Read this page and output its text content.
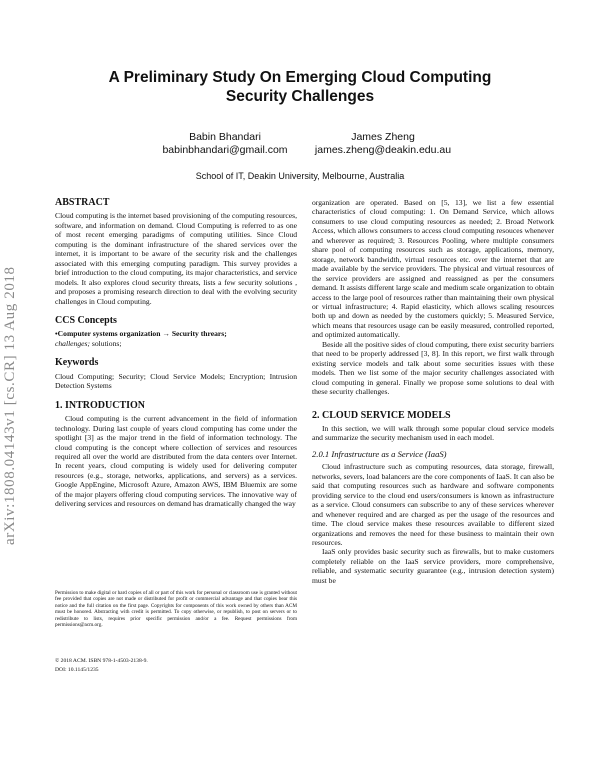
arXiv:1808.04143v1 [cs.CR] 13 Aug 2018
A Preliminary Study On Emerging Cloud Computing
Security Challenges
Babin Bhandari
babinbhandari@gmail.com
James Zheng
james.zheng@deakin.edu.au
School of IT, Deakin University, Melbourne, Australia
ABSTRACT

Cloud computing is the internet based provisioning of the computing resources, software, and information on demand. Cloud Computing is referred to as one of most recent emerging paradigms of computing utilities. Since Cloud computing is the dominant infrastructure of the shared services over the internet, it is important to be aware of the security risk and the challenges associated with this emerging computing paradigm. This survey provides a brief introduction to the cloud computing, its major characteristics, and service models. It also explores cloud security threats, lists a few security solutions , and proposes a promising research direction to deal with the evolving security challenges in Cloud computing.

CCS Concepts

•Computer systems organization → Security threars;
challenges; solutions;

Keywords

Cloud Computing; Security; Cloud Service Models; Encryption; Intrusion Detection Systems

1. INTRODUCTION

Cloud computing is the current advancement in the field of information technology. During last couple of years cloud computing has come under the spotlight [3] as the major trend in the field of information technology. The cloud computing is the concept where collection of services and resources required all over the world are distributed from the data centers over Internet. In recent years, cloud computing is widely used for delivering computer resources (e.g., storage, networks, applications, and servers) as a services. Google AppEngine, Microsoft Azure, Amazon AWS, IBM Bluemix are some of the major players offering cloud computing services. The innovative way of delivering services and resources on demand has dramatically changed the way

Permission to make digital or hard copies of all or part of this work for personal or classroom use is granted without fee provided that copies are not made or distributed for profit or commercial advantage and that copies bear this notice and the full citation on the first page. Copyrights for components of this work owned by others than ACM must be honored. Abstracting with credit is permitted. To copy otherwise, or republish, to post on servers or to redistribute to lists, requires prior specific permission and/or a fee. Request permissions from permissions@acm.org.
© 2018 ACM. ISBN 978-1-4503-2138-9.
DOI: 10.1145/1235

organization are operated. Based on [5, 13], we list a few essential characteristics of cloud computing: 1. On Demand Service, which allows consumers to use cloud computing resources as needed; 2. Broad Network Access, which allows consumers to access cloud computing resouces whenever and wherever as required; 3. Resources Pooling, where multiple consumers share pool of computing resources such as storage, applications, memory, storage, network bandwidth, virtual resources etc. over the internet that are made available by the service providers. The physical and virtual resources of the service providers are assigned and reassigned as per the consumers demand. It assists different large scale and medium scale organization to obtain access to the large pool of resources rather than maintaining their own physical or virtual infrastructure; 4. Rapid elasticity, which allows scaling resources both up and down as needed by the customers quickly; 5. Measured Service, which means that resources usage can be easily measured, controlled reported, and optimized automatically.

Beside all the positive sides of cloud computing, there exist security barriers that need to be properly addressed [3, 8]. In this report, we first walk through existing service models and talk about some securities issues with these models. Then we list some of the major security challenges associated with cloud computing in general. Finally we propose some solutions to deal with these security challenges.

2. CLOUD SERVICE MODELS

In this section, we will walk through some popular cloud service models and summarize the security mechanism used in each model.

2.0.1 Infrastructure as a Service (IaaS)

Cloud infrastructure such as computing resources, data storage, firewall, networks, severs, load balancers are the core components of IaaS. It can also be said that computing resources such as hardware and software components providing service to the cloud end users/consumers is known as infrastructure as a service. Cloud consumers can subscribe to any of these services wherever and whenever required and are charged as per the usage of the resources and time. The cloud service makes these resources available to different sized organizations and removes the need for these business to maintain their own resources.

IaaS only provides basic security such as firewalls, but to make customers completely reliable on the IaaS service providers, more comprehensive, reliable, and systematic security guarantee (e.g., intrusion detection system) must be
